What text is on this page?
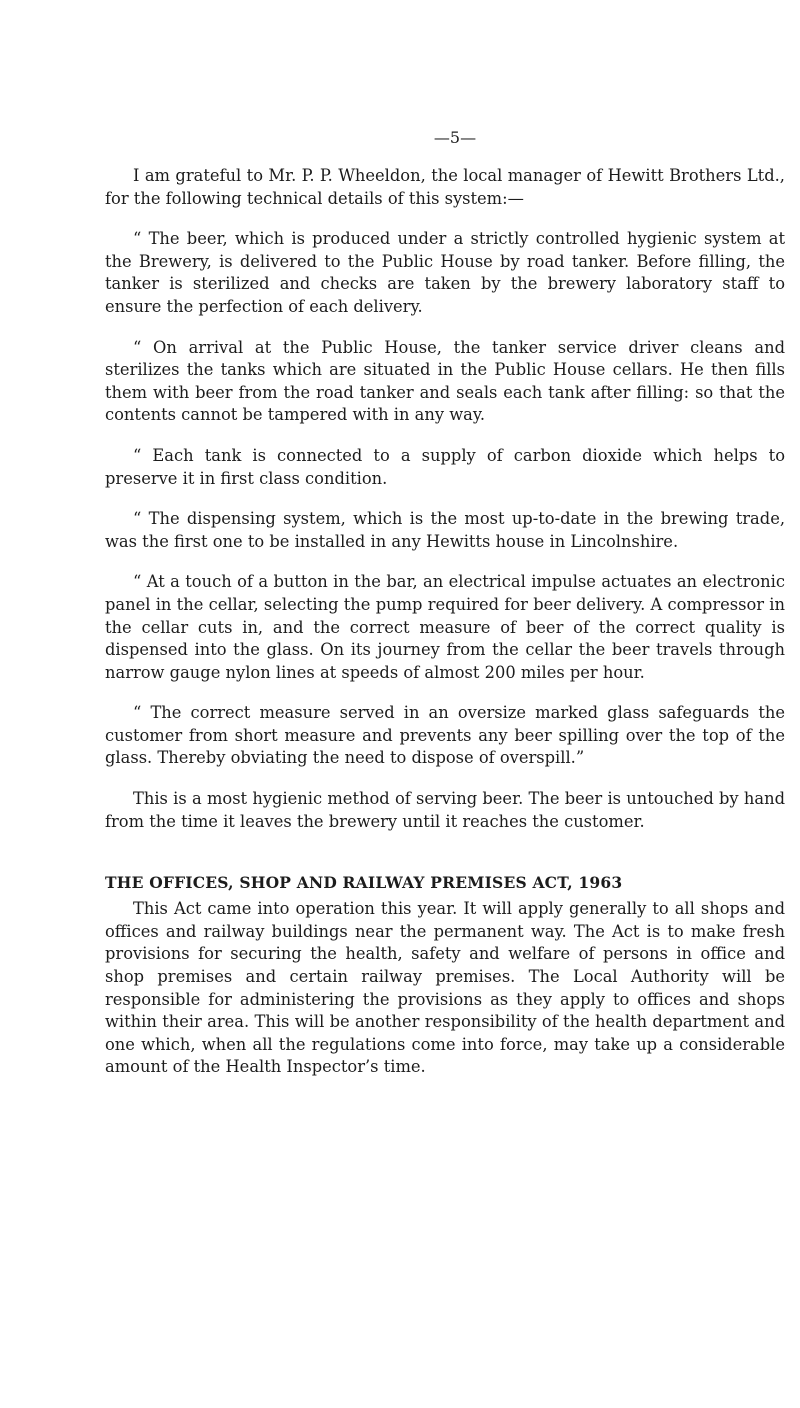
—5—

I am grateful to Mr. P. P. Wheeldon, the local manager of Hewitt Brothers Ltd., for the following technical details of this system:—

“ The beer, which is produced under a strictly controlled hygienic system at the Brewery, is delivered to the Public House by road tanker. Before filling, the tanker is sterilized and checks are taken by the brewery laboratory staff to ensure the perfection of each delivery.

“ On arrival at the Public House, the tanker service driver cleans and sterilizes the tanks which are situated in the Public House cellars. He then fills them with beer from the road tanker and seals each tank after filling: so that the contents cannot be tampered with in any way.

“ Each tank is connected to a supply of carbon dioxide which helps to preserve it in first class condition.

“ The dispensing system, which is the most up-to-date in the brewing trade, was the first one to be installed in any Hewitts house in Lincolnshire.

“ At a touch of a button in the bar, an electrical impulse actuates an electronic panel in the cellar, selecting the pump required for beer delivery. A compressor in the cellar cuts in, and the correct measure of beer of the correct quality is dispensed into the glass. On its journey from the cellar the beer travels through narrow gauge nylon lines at speeds of almost 200 miles per hour.

“ The correct measure served in an oversize marked glass safeguards the customer from short measure and prevents any beer spilling over the top of the glass. Thereby obviating the need to dispose of overspill.”

This is a most hygienic method of serving beer. The beer is untouched by hand from the time it leaves the brewery until it reaches the customer.

THE OFFICES, SHOP AND RAILWAY PREMISES ACT, 1963

This Act came into operation this year. It will apply generally to all shops and offices and railway buildings near the permanent way. The Act is to make fresh provisions for securing the health, safety and welfare of persons in office and shop premises and certain railway premises. The Local Authority will be responsible for administering the provisions as they apply to offices and shops within their area. This will be another responsibility of the health department and one which, when all the regulations come into force, may take up a considerable amount of the Health Inspector’s time.
